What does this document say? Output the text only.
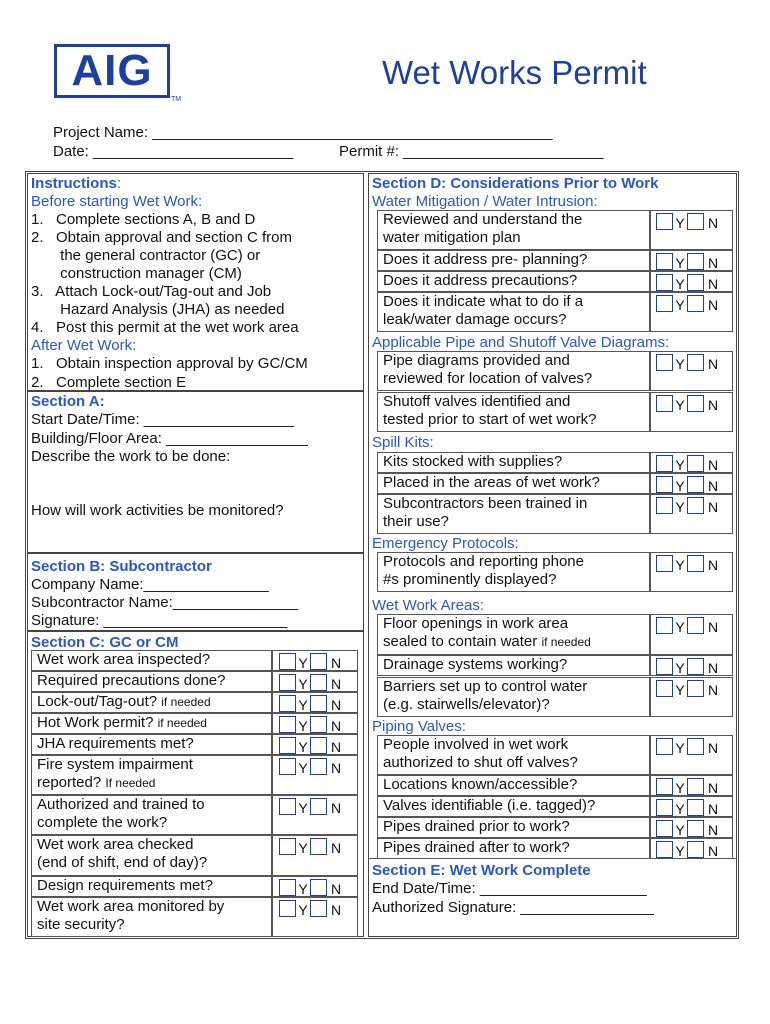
AIG
TM
Wet Works Permit
Project Name: ________________________________________________
Date: ________________________	Permit #: ________________________
Instructions:
Before starting Wet Work:
1.   Complete sections A, B and D
2.   Obtain approval and section C from
the general contractor (GC) or
construction manager (CM)
3.   Attach Lock-out/Tag-out and Job
Hazard Analysis (JHA) as needed
4.   Post this permit at the wet work area
After Wet Work:
1.   Obtain inspection approval by GC/CM
2.   Complete section E
Section A:
Start Date/Time: __________________
Building/Floor Area: _________________
Describe the work to be done:
How will work activities be monitored?
Section B: Subcontractor
Company Name:_______________
Subcontractor Name:_______________
Signature: ______________________
Section C: GC or CM
Wet work area inspected?	Y N
Required precautions done?	Y N
Lock-out/Tag-out? if needed	Y N
Hot Work permit? if needed	Y N
JHA requirements met?	Y N
Fire system impairment
reported? If needed
Y N
Authorized and trained to
complete the work?
Y N
Wet work area checked
(end of shift, end of day)?
Y N
Design requirements met?	Y N
Wet work area monitored by
site security?
Y N
Section D: Considerations Prior to Work
Water Mitigation / Water Intrusion:
Reviewed and understand the
water mitigation plan
Y N
Does it address pre- planning?	Y N
Does it address precautions?	Y N
Does it indicate what to do if a
leak/water damage occurs?
Y N
Applicable Pipe and Shutoff Valve Diagrams:
Pipe diagrams provided and
reviewed for location of valves?
Y N
Shutoff valves identified and
tested prior to start of wet work?
Y N
Spill Kits:
Kits stocked with supplies?	Y N
Placed in the areas of wet work?	Y N
Subcontractors been trained in
their use?
Y N
Emergency Protocols:
Protocols and reporting phone
#s prominently displayed?
Y N
Wet Work Areas:
Floor openings in work area
sealed to contain water if needed
Y N
Drainage systems working?	Y N
Barriers set up to control water
(e.g. stairwells/elevator)?
Y N
Piping Valves:
People involved in wet work
authorized to shut off valves?
Y N
Locations known/accessible?	Y N
Valves identifiable (i.e. tagged)?	Y N
Pipes drained prior to work?	Y N
Pipes drained after to work?	Y N
Section E: Wet Work Complete
End Date/Time: ____________________
Authorized Signature: ________________
